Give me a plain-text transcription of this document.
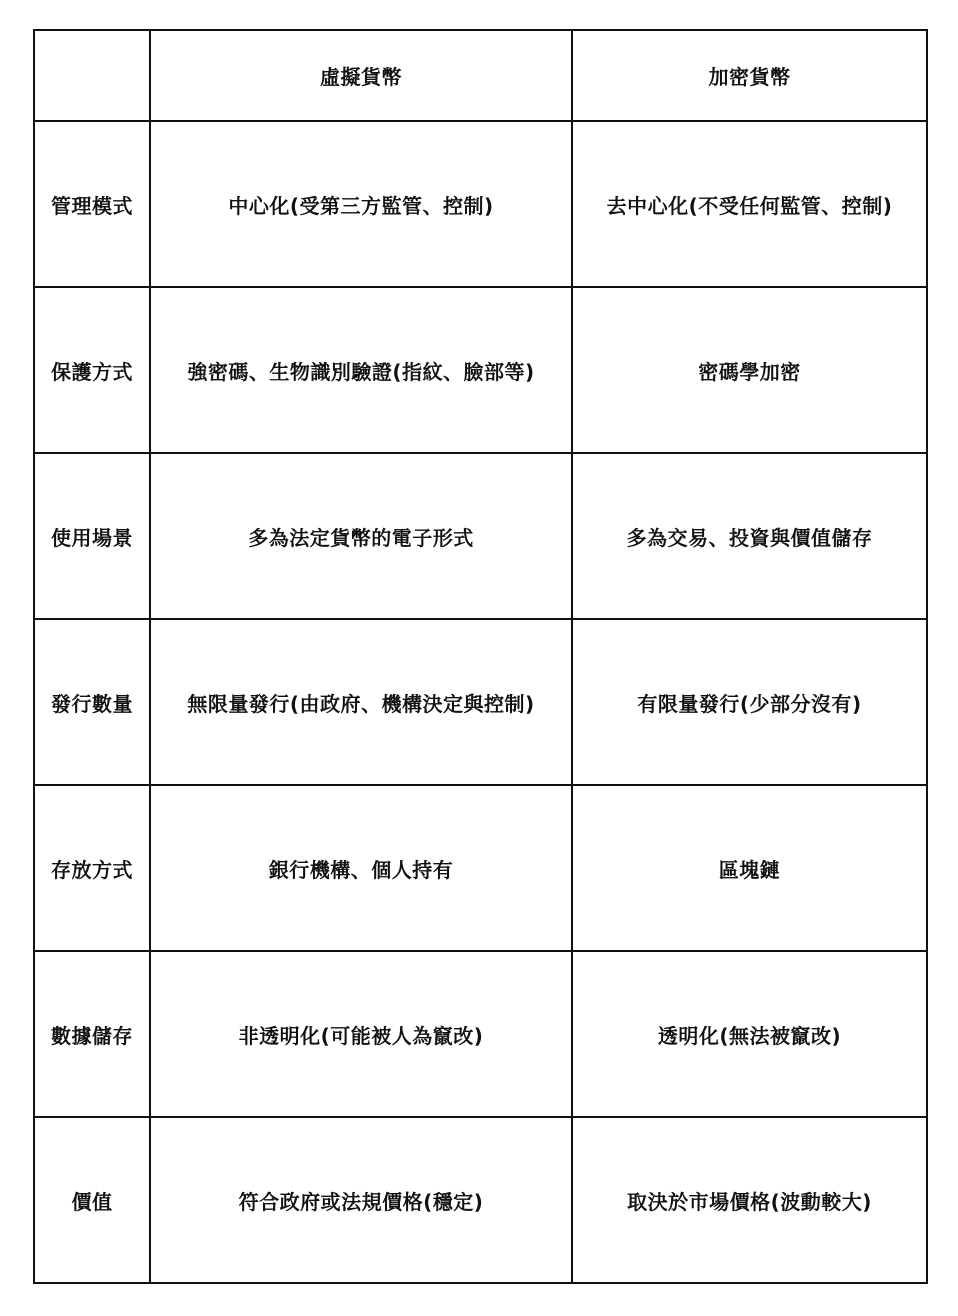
	虛擬貨幣	加密貨幣
管理模式	中心化(受第三方監管、控制)	去中心化(不受任何監管、控制)
保護方式	強密碼、生物識別驗證(指紋、臉部等)	密碼學加密
使用場景	多為法定貨幣的電子形式	多為交易、投資與價值儲存
發行數量	無限量發行(由政府、機構決定與控制)	有限量發行(少部分沒有)
存放方式	銀行機構、個人持有	區塊鏈
數據儲存	非透明化(可能被人為竄改)	透明化(無法被竄改)
價值	符合政府或法規價格(穩定)	取決於市場價格(波動較大)
